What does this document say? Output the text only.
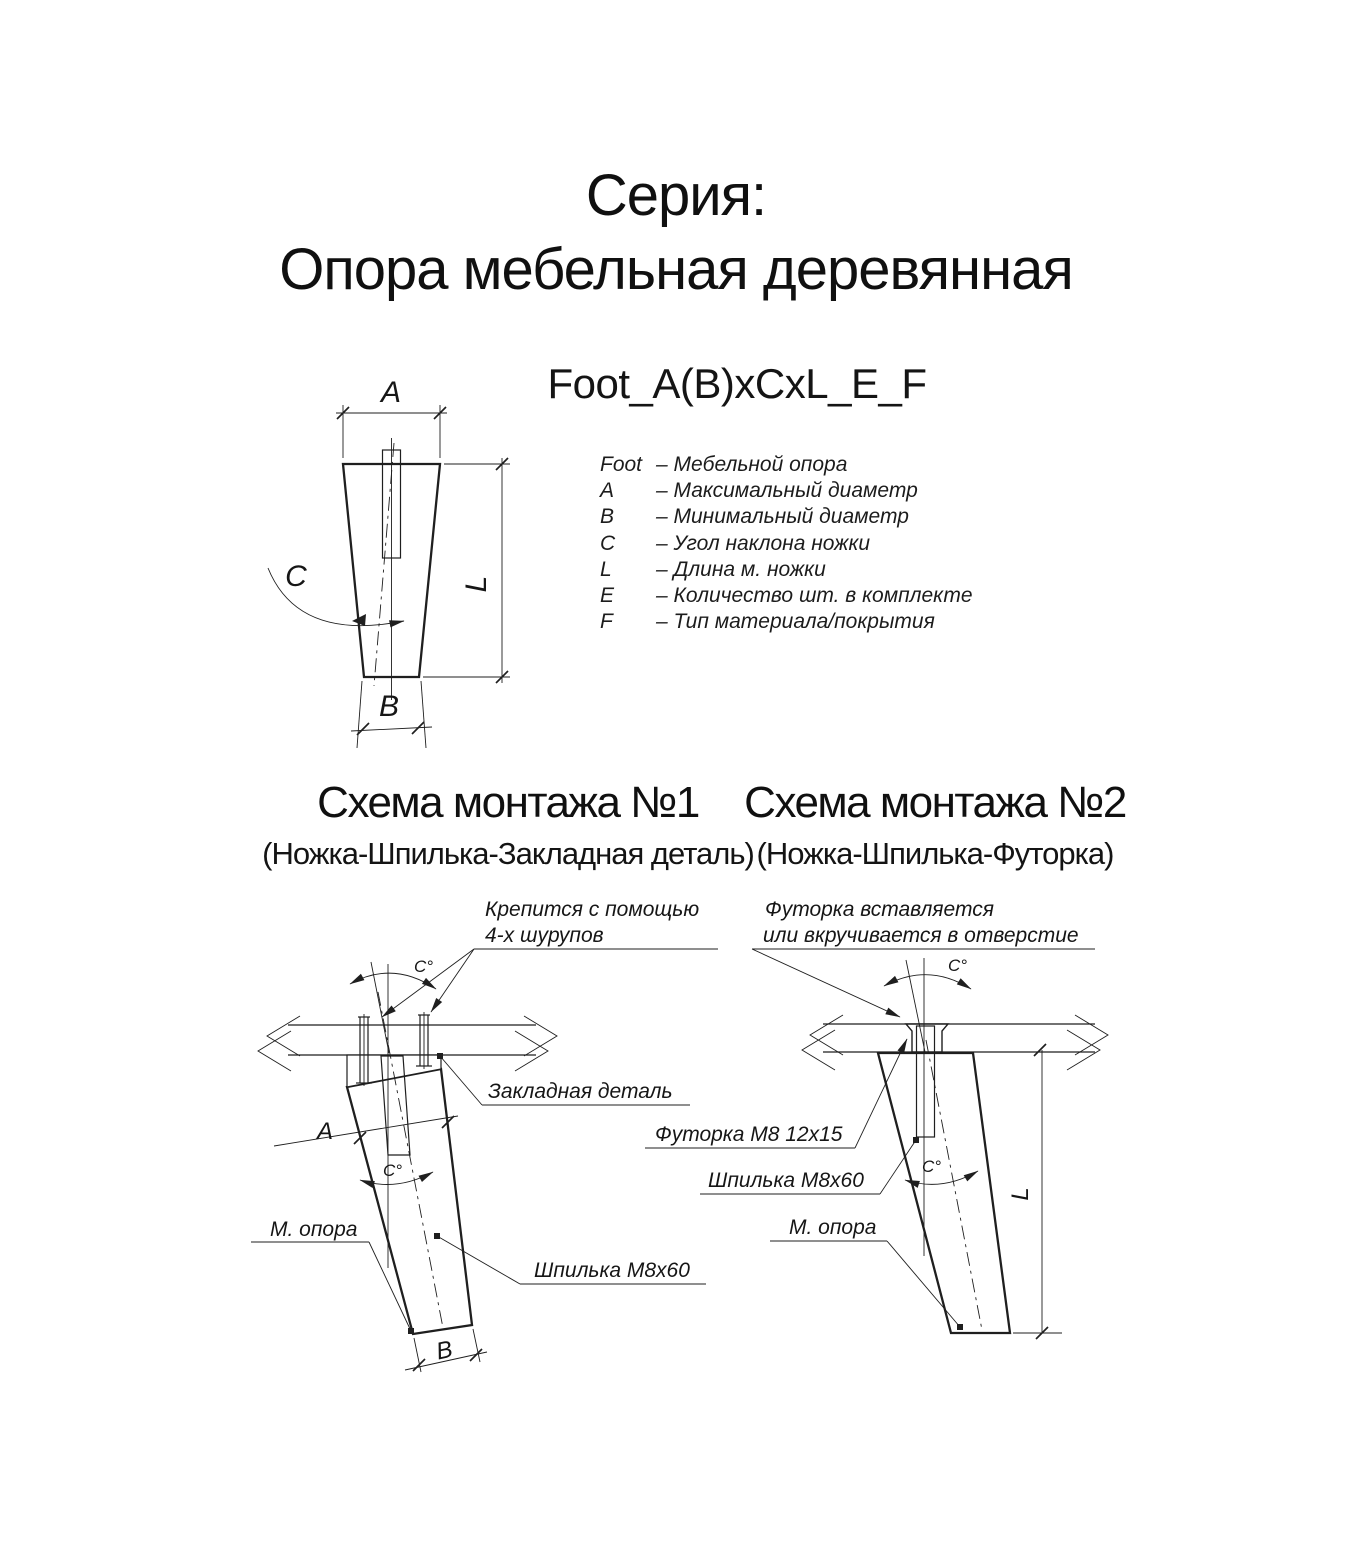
Серия:
Опора мебельная деревянная
Foot_A(B)xCxL_E_F
Foot – Мебельной опора
A	– Максимальный диаметр
B	– Минимальный диаметр
C	– Угол наклона ножки
L	– Длина м. ножки
E	– Количество шт. в комплекте
F	– Тип материала/покрытия
Схема монтажа №1
(Ножка-Шпилька-Закладная деталь)
Схема монтажа №2
(Ножка-Шпилька-Футорка)
A
L
B
C
C°
C°
A
B
Крепится с помощью
4-х шурупов
Закладная деталь
М. опора
Шпилька М8х60
C°
C°
L
Футорка вставляется
или вкручивается в отверстие
Футорка М8 12х15
Шпилька М8х60
М. опора
